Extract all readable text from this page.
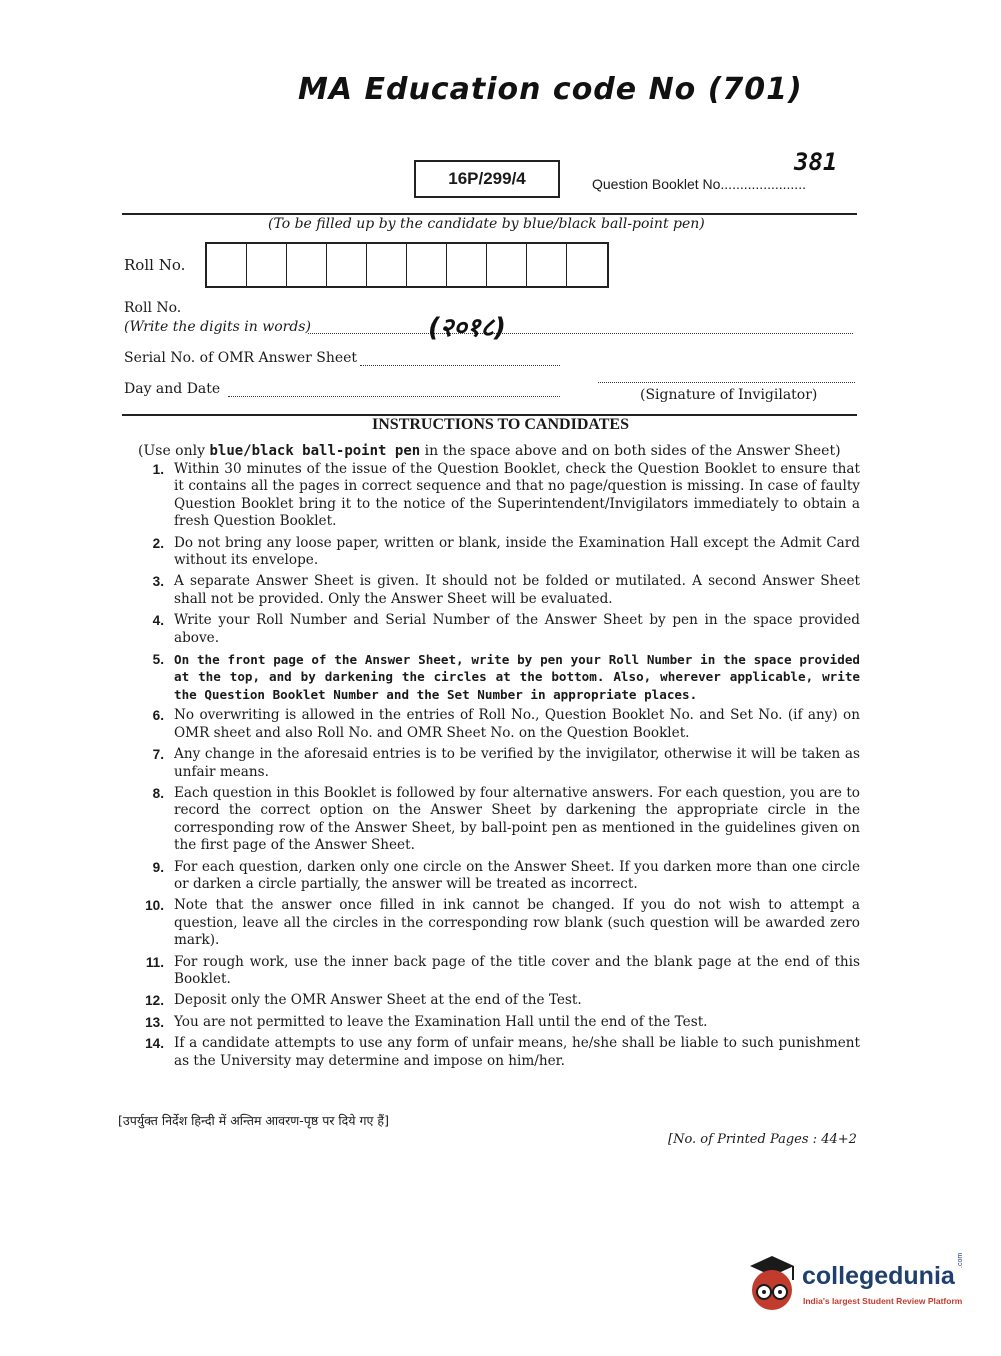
MA Education code No (701)
381
16P/299/4	Question Booklet No......................
(To be filled up by the candidate by blue/black ball-point pen)
Roll No.
Roll No.
(Write the digits in words)	(२०१८)
Serial No. of OMR Answer Sheet
Day and Date	(Signature of Invigilator)
INSTRUCTIONS TO CANDIDATES
(Use only blue/black ball-point pen in the space above and on both sides of the Answer Sheet)
1. Within 30 minutes of the issue of the Question Booklet, check the Question Booklet to ensure that it contains all the pages in correct sequence and that no page/question is missing. In case of faulty Question Booklet bring it to the notice of the Superintendent/Invigilators immediately to obtain a fresh Question Booklet.
2. Do not bring any loose paper, written or blank, inside the Examination Hall except the Admit Card without its envelope.
3. A separate Answer Sheet is given. It should not be folded or mutilated. A second Answer Sheet shall not be provided. Only the Answer Sheet will be evaluated.
4. Write your Roll Number and Serial Number of the Answer Sheet by pen in the space provided above.
5. On the front page of the Answer Sheet, write by pen your Roll Number in the space provided at the top, and by darkening the circles at the bottom. Also, wherever applicable, write the Question Booklet Number and the Set Number in appropriate places.
6. No overwriting is allowed in the entries of Roll No., Question Booklet No. and Set No. (if any) on OMR sheet and also Roll No. and OMR Sheet No. on the Question Booklet.
7. Any change in the aforesaid entries is to be verified by the invigilator, otherwise it will be taken as unfair means.
8. Each question in this Booklet is followed by four alternative answers. For each question, you are to record the correct option on the Answer Sheet by darkening the appropriate circle in the corresponding row of the Answer Sheet, by ball-point pen as mentioned in the guidelines given on the first page of the Answer Sheet.
9. For each question, darken only one circle on the Answer Sheet. If you darken more than one circle or darken a circle partially, the answer will be treated as incorrect.
10. Note that the answer once filled in ink cannot be changed. If you do not wish to attempt a question, leave all the circles in the corresponding row blank (such question will be awarded zero mark).
11. For rough work, use the inner back page of the title cover and the blank page at the end of this Booklet.
12. Deposit only the OMR Answer Sheet at the end of the Test.
13. You are not permitted to leave the Examination Hall until the end of the Test.
14. If a candidate attempts to use any form of unfair means, he/she shall be liable to such punishment as the University may determine and impose on him/her.
[उपर्युक्त निर्देश हिन्दी में अन्तिम आवरण-पृष्ठ पर दिये गए हैं]
[No. of Printed Pages : 44+2
collegedunia
.com
India's largest Student Review Platform
